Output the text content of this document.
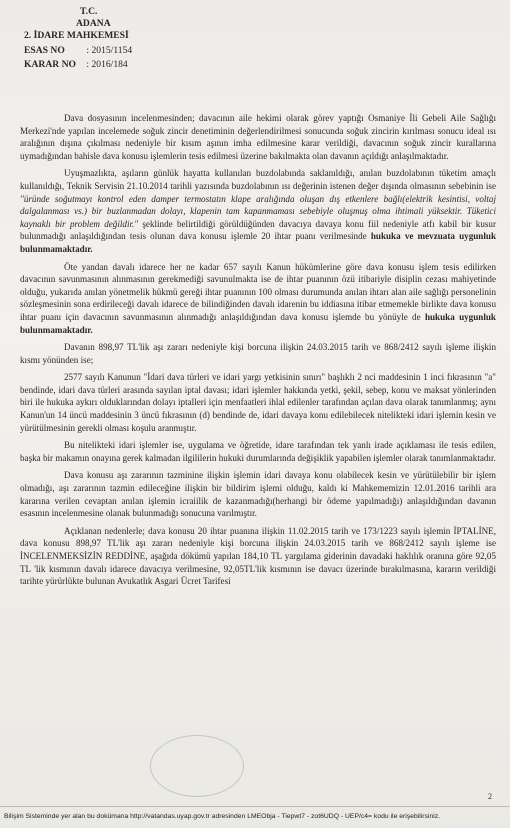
T.C.
ADANA
2. İDARE MAHKEMESİ
ESAS NO : 2015/1154
KARAR NO : 2016/184

Dava dosyasının incelenmesinden; davacının aile hekimi olarak görev yaptığı Osmaniye İli Gebeli Aile Sağlığı Merkezi'nde yapılan incelemede soğuk zincir denetiminin değerlendirilmesi sonucunda soğuk zincirin kırılması sonucu ideal ısı aralığının dışına çıkılması nedeniyle bir kısım aşının imha edilmesine karar verildiği, davacının soğuk zincir kurallarına uymadığından bahisle dava konusu işlemlerin tesis edilmesi üzerine bakılmakta olan davanın açıldığı anlaşılmaktadır.

Uyuşmazlıkta, aşıların günlük hayatta kullanılan buzdolabında saklanıldığı, anılan buzdolabının tüketim amaçlı kullanıldığı, Teknik Servisin 21.10.2014 tarihli yazısında buzdolabının ısı değerinin istenen değer dışında olmasının sebebinin ise "üründe soğutmayı kontrol eden damper termostatın klape aralığında oluşan dış etkenlere bağlı(elektrik kesintisi, voltaj dalgalanması vs.) bir buzlanmadan dolayı, klapenin tam kapanmaması sebebiyle oluşmuş olma ihtimali yüksektir. Tüketici kaynaklı bir problem değildir." şeklinde belirtildiği görüldüğünden davacıya davaya konu fiil nedeniyle atfı kabil bir kusur bulunmadığı anlaşıldığından tesis olunan dava konusu işlemle 20 ihtar puanı verilmesinde hukuka ve mevzuata uygunluk bulunmamaktadır.

Öte yandan davalı idarece her ne kadar 657 sayılı Kanun hükümlerine göre dava konusu işlem tesis edilirken davacının savunmasının alınmasının gerekmediği savunulmakta ise de ihtar puanının özü itibariyle disiplin cezası mahiyetinde olduğu, yukarıda anılan yönetmelik hükmü gereği ihtar puanının 100 olması durumunda anılan ihtarı alan aile sağlığı personelinin sözleşmesinin sona erdirileceği davalı idarece de bilindiğinden davalı idarenin bu iddiasına itibar etmemekle birlikte dava konusu ihtar puanı için davacının savunmasının alınmadığı anlaşıldığından dava konusu işlemde bu yönüyle de hukuka uygunluk bulunmamaktadır.

Davanın 898,97 TL'lik aşı zararı nedeniyle kişi borcuna ilişkin 24.03.2015 tarih ve 868/2412 sayılı işleme ilişkin kısmı yönünden ise;

2577 sayılı Kanunun "İdari dava türleri ve idari yargı yetkisinin sınırı" başlıklı 2 nci maddesinin 1 inci fıkrasının "a" bendinde, idari dava türleri arasında sayılan iptal davası; idari işlemler hakkında yetki, şekil, sebep, konu ve maksat yönlerinden biri ile hukuka aykırı olduklarından dolayı iptalleri için menfaatleri ihlal edilenler tarafından açılan dava olarak tanımlanmış; aynı Kanun'un 14 üncü maddesinin 3 üncü fıkrasının (d) bendinde de, idari davaya konu edilebilecek nitelikteki idari işlemin kesin ve yürütülmesinin gerekli olması koşulu aranmıştır.

Bu nitelikteki idari işlemler ise, uygulama ve öğretide, idare tarafından tek yanlı irade açıklaması ile tesis edilen, başka bir makamın onayına gerek kalmadan ilgililerin hukuki durumlarında değişiklik yapabilen işlemler olarak tanımlanmaktadır.

Dava konusu aşı zararının tazminine ilişkin işlemin idari davaya konu olabilecek kesin ve yürütülebilir bir işlem olmadığı, aşı zararının tazmin edileceğine ilişkin bir bildirim işlemi olduğu, kaldı ki Mahkememizin 12.01.2016 tarihli ara kararına verilen cevaptan anılan işlemin icraiilik de kazanmadığı(herhangi bir ödeme yapılmadığı) anlaşıldığından davanın esasının incelenmesine olanak bulunmadığı sonucuna varılmıştır.

Açıklanan nedenlerle; dava konusu 20 ihtar puanına ilişkin 11.02.2015 tarih ve 173/1223 sayılı işlemin İPTALİNE, dava konusu 898,97 TL'lik aşı zararı nedeniyle kişi borcuna ilişkin 24.03.2015 tarih ve 868/2412 sayılı işleme ise İNCELENMEKSİZİN REDDİNE, aşağıda dökümü yapılan 184,10 TL yargılama giderinin davadaki haklılık oranına göre 92,05 TL 'lik kısmının davalı idarece davacıya verilmesine, 92,05TL'lik kısmının ise davacı üzerinde bırakılmasına, kararın verildiği tarihte yürürlükte bulunan Avukatlık Asgari Ücret Tarifesi

2
Bilişim Sisteminde yer alan bu dokümana http://vatandas.uyap.gov.tr adresinden LMEObja - Tiepwt7 - zot6UDQ - UEP/c4= kodu ile erişebilirsiniz.
